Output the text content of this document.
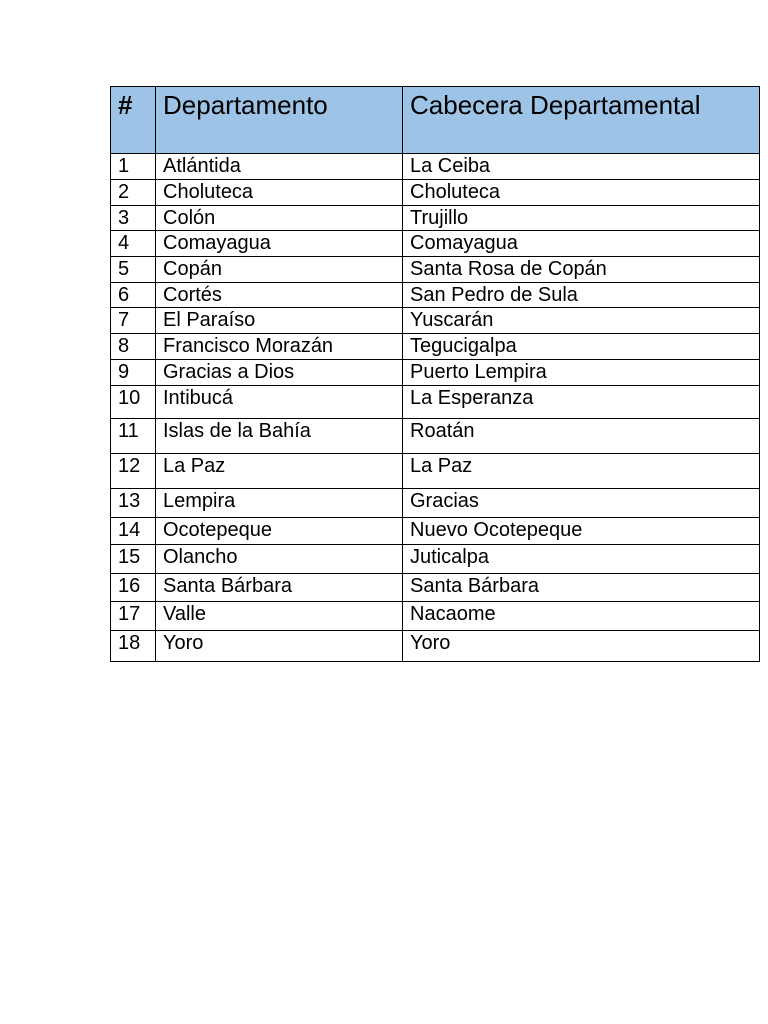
#	Departamento	Cabecera Departamental
1	Atlántida	La Ceiba
2	Choluteca	Choluteca
3	Colón	Trujillo
4	Comayagua	Comayagua
5	Copán	Santa Rosa de Copán
6	Cortés	San Pedro de Sula
7	El Paraíso	Yuscarán
8	Francisco Morazán	Tegucigalpa
9	Gracias a Dios	Puerto Lempira
10	Intibucá	La Esperanza
11	Islas de la Bahía	Roatán
12	La Paz	La Paz
13	Lempira	Gracias
14	Ocotepeque	Nuevo Ocotepeque
15	Olancho	Juticalpa
16	Santa Bárbara	Santa Bárbara
17	Valle	Nacaome
18	Yoro	Yoro
